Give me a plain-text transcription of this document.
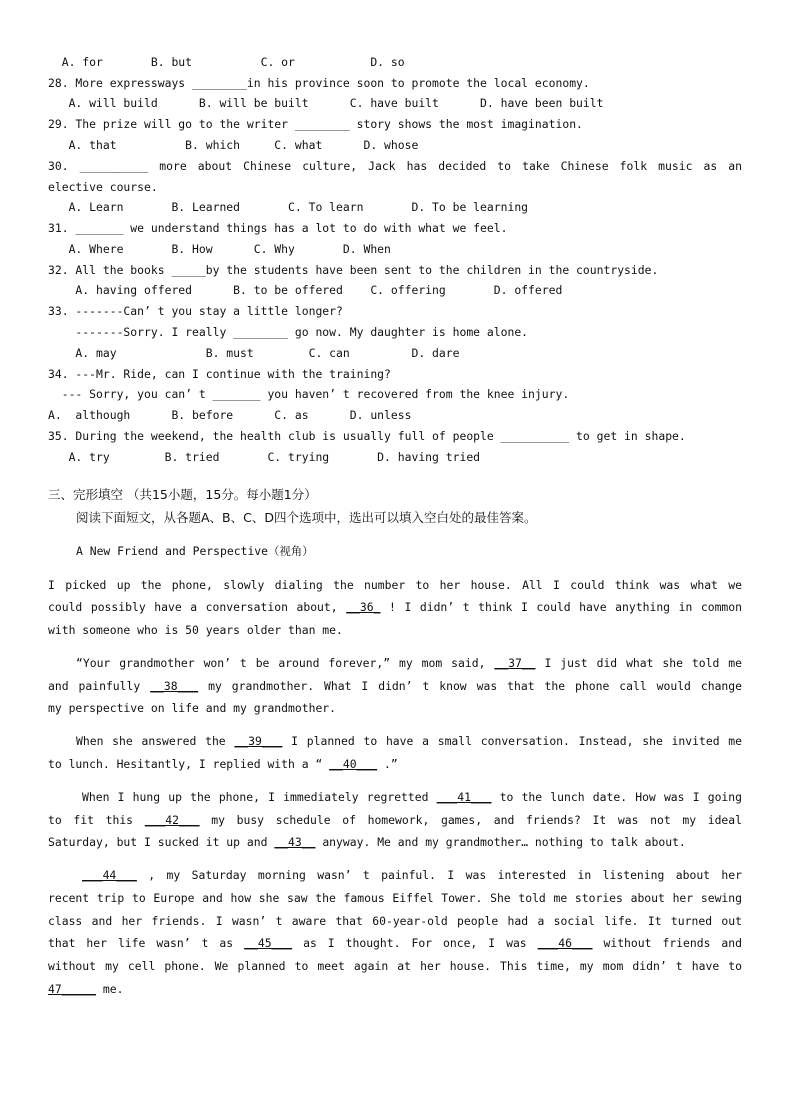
A. for       B. but          C. or           D. so
28. More expressways ________in his province soon to promote the local economy.
A. will build      B. will be built      C. have built      D. have been built
29. The prize will go to the writer ________ story shows the most imagination.
A. that          B. which     C. what      D. whose
30. __________ more about Chinese culture, Jack has decided to take Chinese folk music as an
elective course.
A. Learn       B. Learned       C. To learn       D. To be learning
31. _______ we understand things has a lot to do with what we feel.
A. Where       B. How      C. Why       D. When
32. All the books _____by the students have been sent to the children in the countryside.
A. having offered      B. to be offered    C. offering       D. offered
33. -------Can’ t you stay a little longer?
-------Sorry. I really ________ go now. My daughter is home alone.
A. may             B. must        C. can         D. dare
34. ---Mr. Ride, can I continue with the training?
--- Sorry, you can’ t _______ you haven’ t recovered from the knee injury.
A.  although      B. before      C. as      D. unless
35. During the weekend, the health club is usually full of people __________ to get in shape.
A. try        B. tried       C. trying       D. having tried
三、完形填空 （共15小题，15分。每小题1分）
阅读下面短文，从各题A、B、C、D四个选项中，选出可以填入空白处的最佳答案。
A New Friend and Perspective（视角）
I picked up the phone, slowly dialing the number to her house. All I could think was what we
could possibly have a conversation about, __36_ ! I didn’ t think I could have anything in common
with someone who is 50 years older than me.
“Your grandmother won’ t be around forever,” my mom said, __37__ I just did what she told me
and painfully __38___ my grandmother. What I didn’ t know was that the phone call would change
my perspective on life and my grandmother.
When she answered the __39___ I planned to have a small conversation. Instead, she invited me
to lunch. Hesitantly, I replied with a “ __40___ .”
When I hung up the phone, I immediately regretted ___41___ to the lunch date. How was I going
to fit this ___42___ my busy schedule of homework, games, and friends? It was not my ideal
Saturday, but I sucked it up and __43__ anyway. Me and my grandmother… nothing to talk about.
___44___ , my Saturday morning wasn’ t painful. I was interested in listening about her
recent trip to Europe and how she saw the famous Eiffel Tower. She told me stories about her sewing
class and her friends. I wasn’ t aware that 60-year-old people had a social life. It turned out
that her life wasn’ t as __45___ as I thought. For once, I was ___46___ without friends and
without my cell phone. We planned to meet again at her house. This time, my mom didn’ t have to
47_____ me.
